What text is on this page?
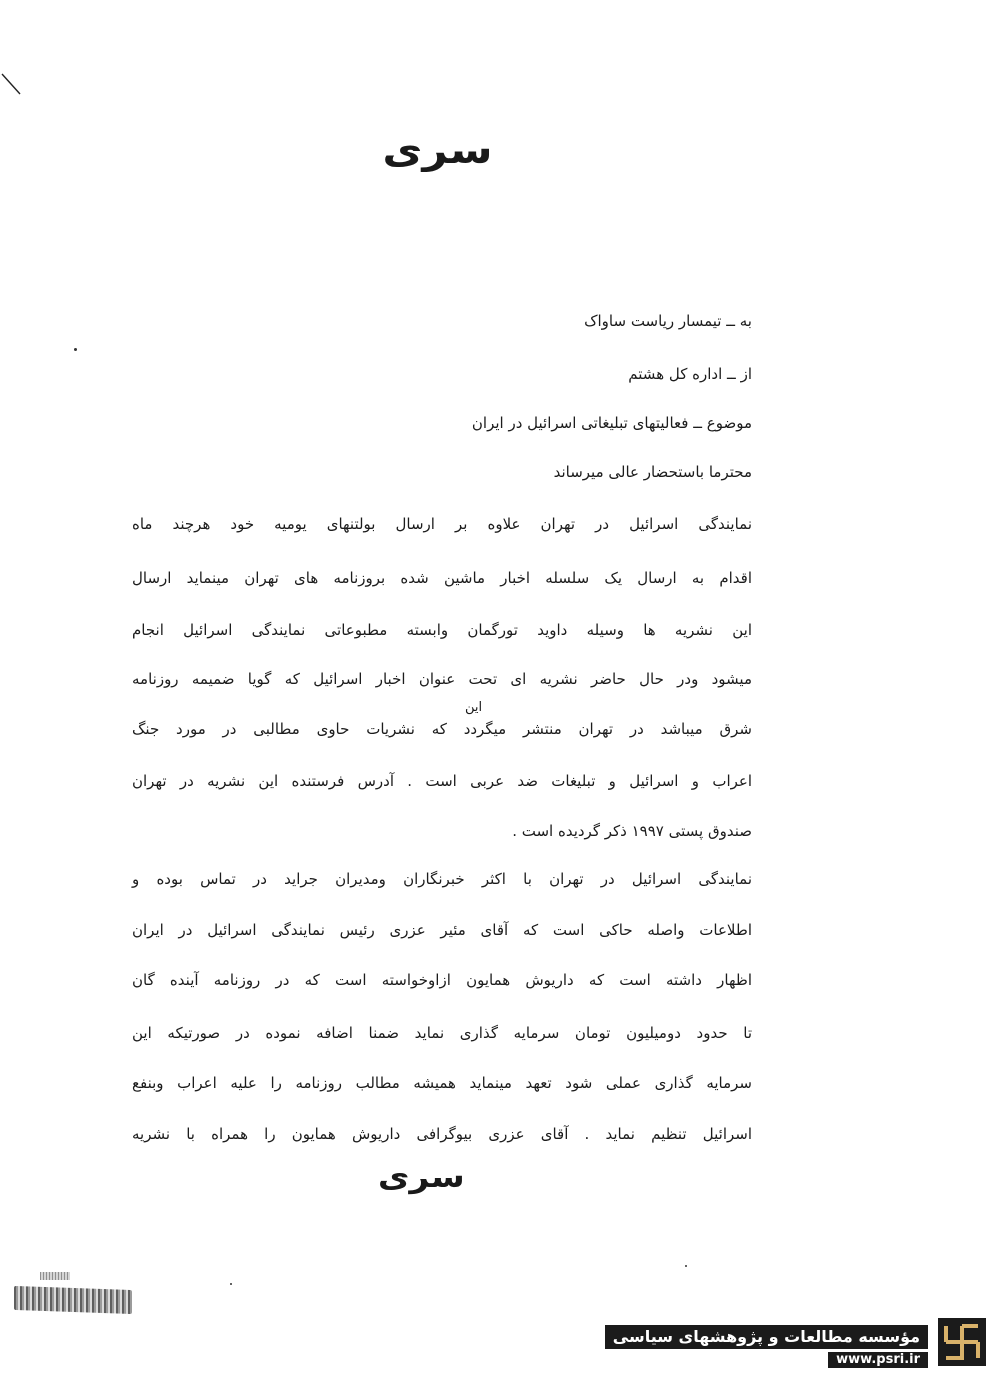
سری
به ــ تیمسار ریاست ساواک
از ــ اداره کل هشتم
موضوع ــ فعالیتهای تبلیغاتی اسرائیل در ایران
محترما باستحضار عالی میرساند
این
نمایندگی اسرائیل در تهران علاوه بر ارسال بولتنهای یومیه خود هرچند ماه
اقدام به ارسال یک سلسله اخبار ماشین شده بروزنامه های تهران مینماید ارسال
این نشریه ها وسیله داوید تورگمان وابسته مطبوعاتی نمایندگی اسرائیل انجام
میشود ودر حال حاضر نشریه ای تحت عنوان اخبار اسرائیل که گویا ضمیمه روزنامه
شرق میباشد در تهران منتشر میگردد که نشریات حاوی مطالبی در مورد جنگ
اعراب و اسرائیل و تبلیغات ضد عربی است . آدرس فرستنده این نشریه در تهران
صندوق پستی ۱۹۹۷ ذکر گردیده است .
نمایندگی اسرائیل در تهران با اکثر خبرنگاران ومدیران جراید در تماس بوده و
اطلاعات واصله حاکی است که آقای مئیر عزری رئیس نمایندگی اسرائیل در ایران
اظهار داشته است که داریوش همایون ازاوخواسته است که در روزنامه آینده گان
تا حدود دومیلیون تومان سرمایه گذاری نماید ضمنا اضافه نموده در صورتیکه این
سرمایه گذاری عملی شود تعهد مینماید همیشه مطالب روزنامه را علیه اعراب وبنفع
اسرائیل تنظیم نماید . آقای عزری بیوگرافی داریوش همایون را همراه با نشریه
سری
مؤسسه مطالعات و پژوهشهای سیاسی
www.psri.ir
